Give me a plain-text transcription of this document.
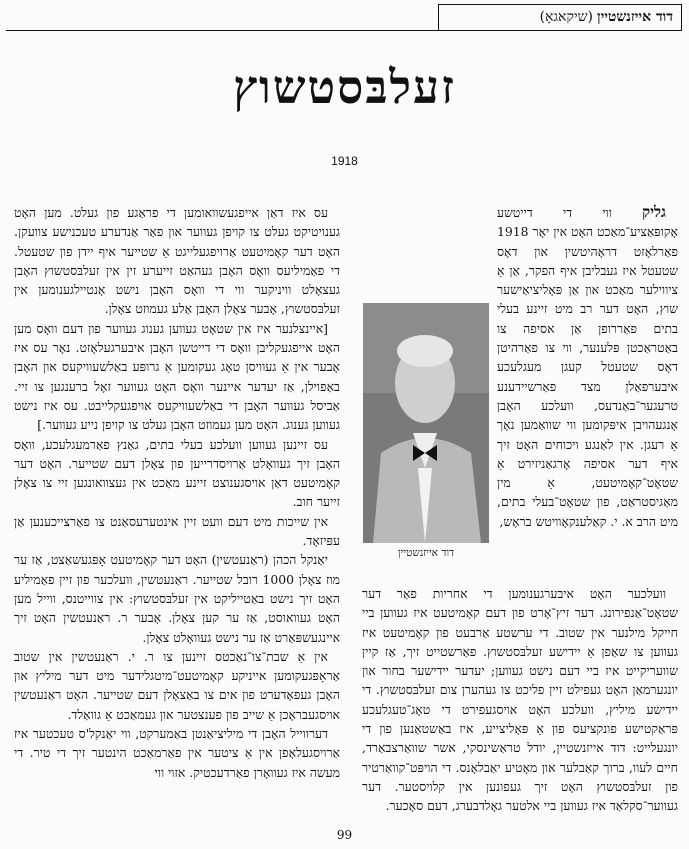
דוד אייזנשטיין
(שיקאגאָ)
זעלבּסטשוץ
1918

גליק ווי די דייטשע אָקופּאַציע־מאַכט האָט אין יאָר 1918 פאַרלאָזט דראָהיטשין און דאָס שטעטל איז געבליבן איף הפקר, אַן אַ ציווילער מאַכט און אַן פּאָליציאַישער שוץ, האָט דער רב מיט זיינע בעלי בתים פאַררופן אַן אסיפה צו באַטראַכטן פּלענער, ווי צו פאַרהיטן דאָס שטעטל קעגן מעגלעכע איבערפאַלן מצד פאַרשיידענע טרעגער־באַנדעס, וועלכע האָבן אָנגעהויבן איפּקומען ווי שוואַמען נאָך אַ רעגן. אין לאַנגע ויכוחים האָט זיך איף דער אסיפה אָרגאַניזירט אַ שטאָט־קאָמיטעט, אַ מין מאַגיסטראַט, פון שטאָט־בעלי בתים, מיט הרב א. י. קאַלענקאָוויטש בראָש,

דוד אייזנשטיין

וועלכער האָט איבערגענומען די אחריות פאַר דער שטאָט־אַנפירונג. דער זיץ־אָרט פון דעם קאָמיטעט איז געווען ביי חייקל מילנער אין שטוב. די ערשטע אַרבעט פון קאָמיטעט איז געווען צו שאַפן אַ יידישע זעלבּסטשוץ. פאַרשטייט זיך, אַז קיין שוועריקייט איז ביי דעם נישט געווען; יעדער יידישער בחור און יונגערמאַן האָט געפילט זיין פליכט צו געהערן צום זעלבּסטשוץ. די יידישע מיליץ, וועלכע האָט אויסגעפירט די טאָג־טעגלעכע פּראַקטישע פונקציעס פון אַ פּאָליצייע, איז באַשטאַנען פון די יונגעלייט: דוד אייזנשטיין, יודל טראַשינסקי, אשר שוואַרצבאַרד, חיים לעוו, ברוך קאַבלער און מאָטיע יאַבלאָנס. די הויפּט־קוואַרטיר פון זעלבּסטשוץ האָט זיך געפונען אין קלויסטער. דער געווער־סקלאַד איז געווען ביי אלטער גאָלדבערג, דעם סאָכער.

עס איז דאַן אייפגעשוואומען די פראַגע פון געלט. מען האָט גענויטיקט געלט צו קויפן געווער און פאַר אַנדערע טעכנישע צוועקן. האָט דער קאָמיטעט אַרויפגעלייגט אַ שטייער איף יידן פון שטעטל. די פאַמיליעס וואָס האָבן געהאַט זייערע זין אין זעלבּסטשוץ האָבן געצאָלט וויניקער ווי די וואָס האָבן נישט אָנטיילגענומען אין זעלבּסטשוץ, אָבער צאָלן האָבן אַלע געמוזט צאָלן.

[איינצלנער איז אין שטאָט געווען גענוג געווער פון דעם וואָס מען האָט אייפגעקליבן וואָס די דייטשן האָבן איבערגעלאָזט. נאָר עס איז אָבער אין אַ געוויסן טאָג געקומען אַ גרופּע באַלשעוויקעס און האָבן באַפוילן, אַז יעדער איינער וואָס האָט געווער זאָל ברענגען צו זיי. אַביסל געווער האָבן די באַלשעוויקעס אויפגעקלייבט. עס איז נישט געווען גענוג. האָט מען געמוזט האָבן געלט צו קויפן נייע געווער.]

עס זיינען געווען וועלכע בעלי בתים, גאַנץ פאַרמעגלעכע, וואָס האָבן זיך געוואָלט אַרויסדרייען פון צאָלן דעם שטייער. האָט דער קאָמיטעט דאַן אויסגענוצט זיינע מאַכט אין געצוואונגען זיי צו צאָלן זייער חוב.

אין שייכות מיט דעם וועט זיין אינטערעסאַנט צו פאַרצייכענען אַן עפּיזאָד.

יאַנקל הכהן (ראַנעטשין) האָט דער קאָמיטעט אָפּגעשאַצט, אַז ער מוז צאָלן 1000 רובל שטייער. ראַנעטשין, וועלכער פון זיין פאַמיליע האָט זיך נישט באַטייליקט אין זעלבּסטשוץ: אין צווייטנס, ווייל מען האָט געוואוסט, אַז ער קען צאָלן. אָבער ר. ראַנעטשין האָט זיך איינגעשפּאַרט אַז ער נישט געוואָלט צאָלן.

אין אַ שבת־צו־נאַכטס זיינען צו ר. י. ראַנעטשין אין שטוב אַראָפּגעקומען אייניקע קאָמיטעט־מיטגלידער מיט דער מיליץ און האָבן געפאָדערט פון אים צו באַצאָלן דעם שטייער. האָט ראַנעטשין אויסגעבראָכן אַ שייב פון פענצטער און געמאַכט אַ גוואַלד.

דערווייל האָבן די מיליציאַנטן באַמערקט, ווי יאַנקל'ס טעכטער איז אַרויסגעלאָפן אין אַ ציטער אין פאַרמאַכט הינטער זיך די טיר. די מעשה איז געוואָרן פאַרדעכטיק. אזוי ווי

99
